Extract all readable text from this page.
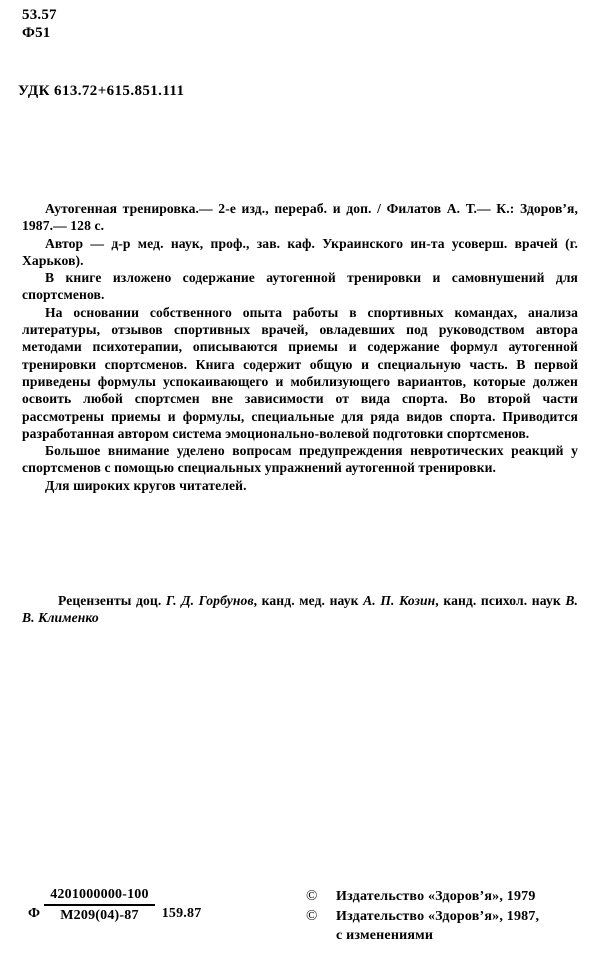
53.57
Ф51
УДК 613.72+615.851.111

Аутогенная тренировка.— 2-е изд., перераб. и доп. / Филатов А. Т.— К.: Здоров’я, 1987.— 128 с.

Автор — д-р мед. наук, проф., зав. каф. Украинского ин-та усоверш. врачей (г. Харьков).

В книге изложено содержание аутогенной тренировки и самовнушений для спортсменов.

На основании собственного опыта работы в спортивных командах, анализа литературы, отзывов спортивных врачей, овладевших под руководством автора методами психотерапии, описываются приемы и содержание формул аутогенной тренировки спортсменов. Книга содержит общую и специальную часть. В первой приведены формулы успокаивающего и мобилизующего вариантов, которые должен освоить любой спортсмен вне зависимости от вида спорта. Во второй части рассмотрены приемы и формулы, специальные для ряда видов спорта. Приводится разработанная автором система эмоционально-волевой подготовки спортсменов.

Большое внимание уделено вопросам предупреждения невротических реакций у спортсменов с помощью специальных упражнений аутогенной тренировки.

Для широких кругов читателей.

Рецензенты доц. Г. Д. Горбунов, канд. мед. наук А. П. Козин, канд. психол. наук В. В. Клименко

Ф $\frac{4201000000-100}{М209(04)-87} 159.87$
©	Издательство «Здоров’я», 1979
©	Издательство «Здоров’я», 1987,
с изменениями
